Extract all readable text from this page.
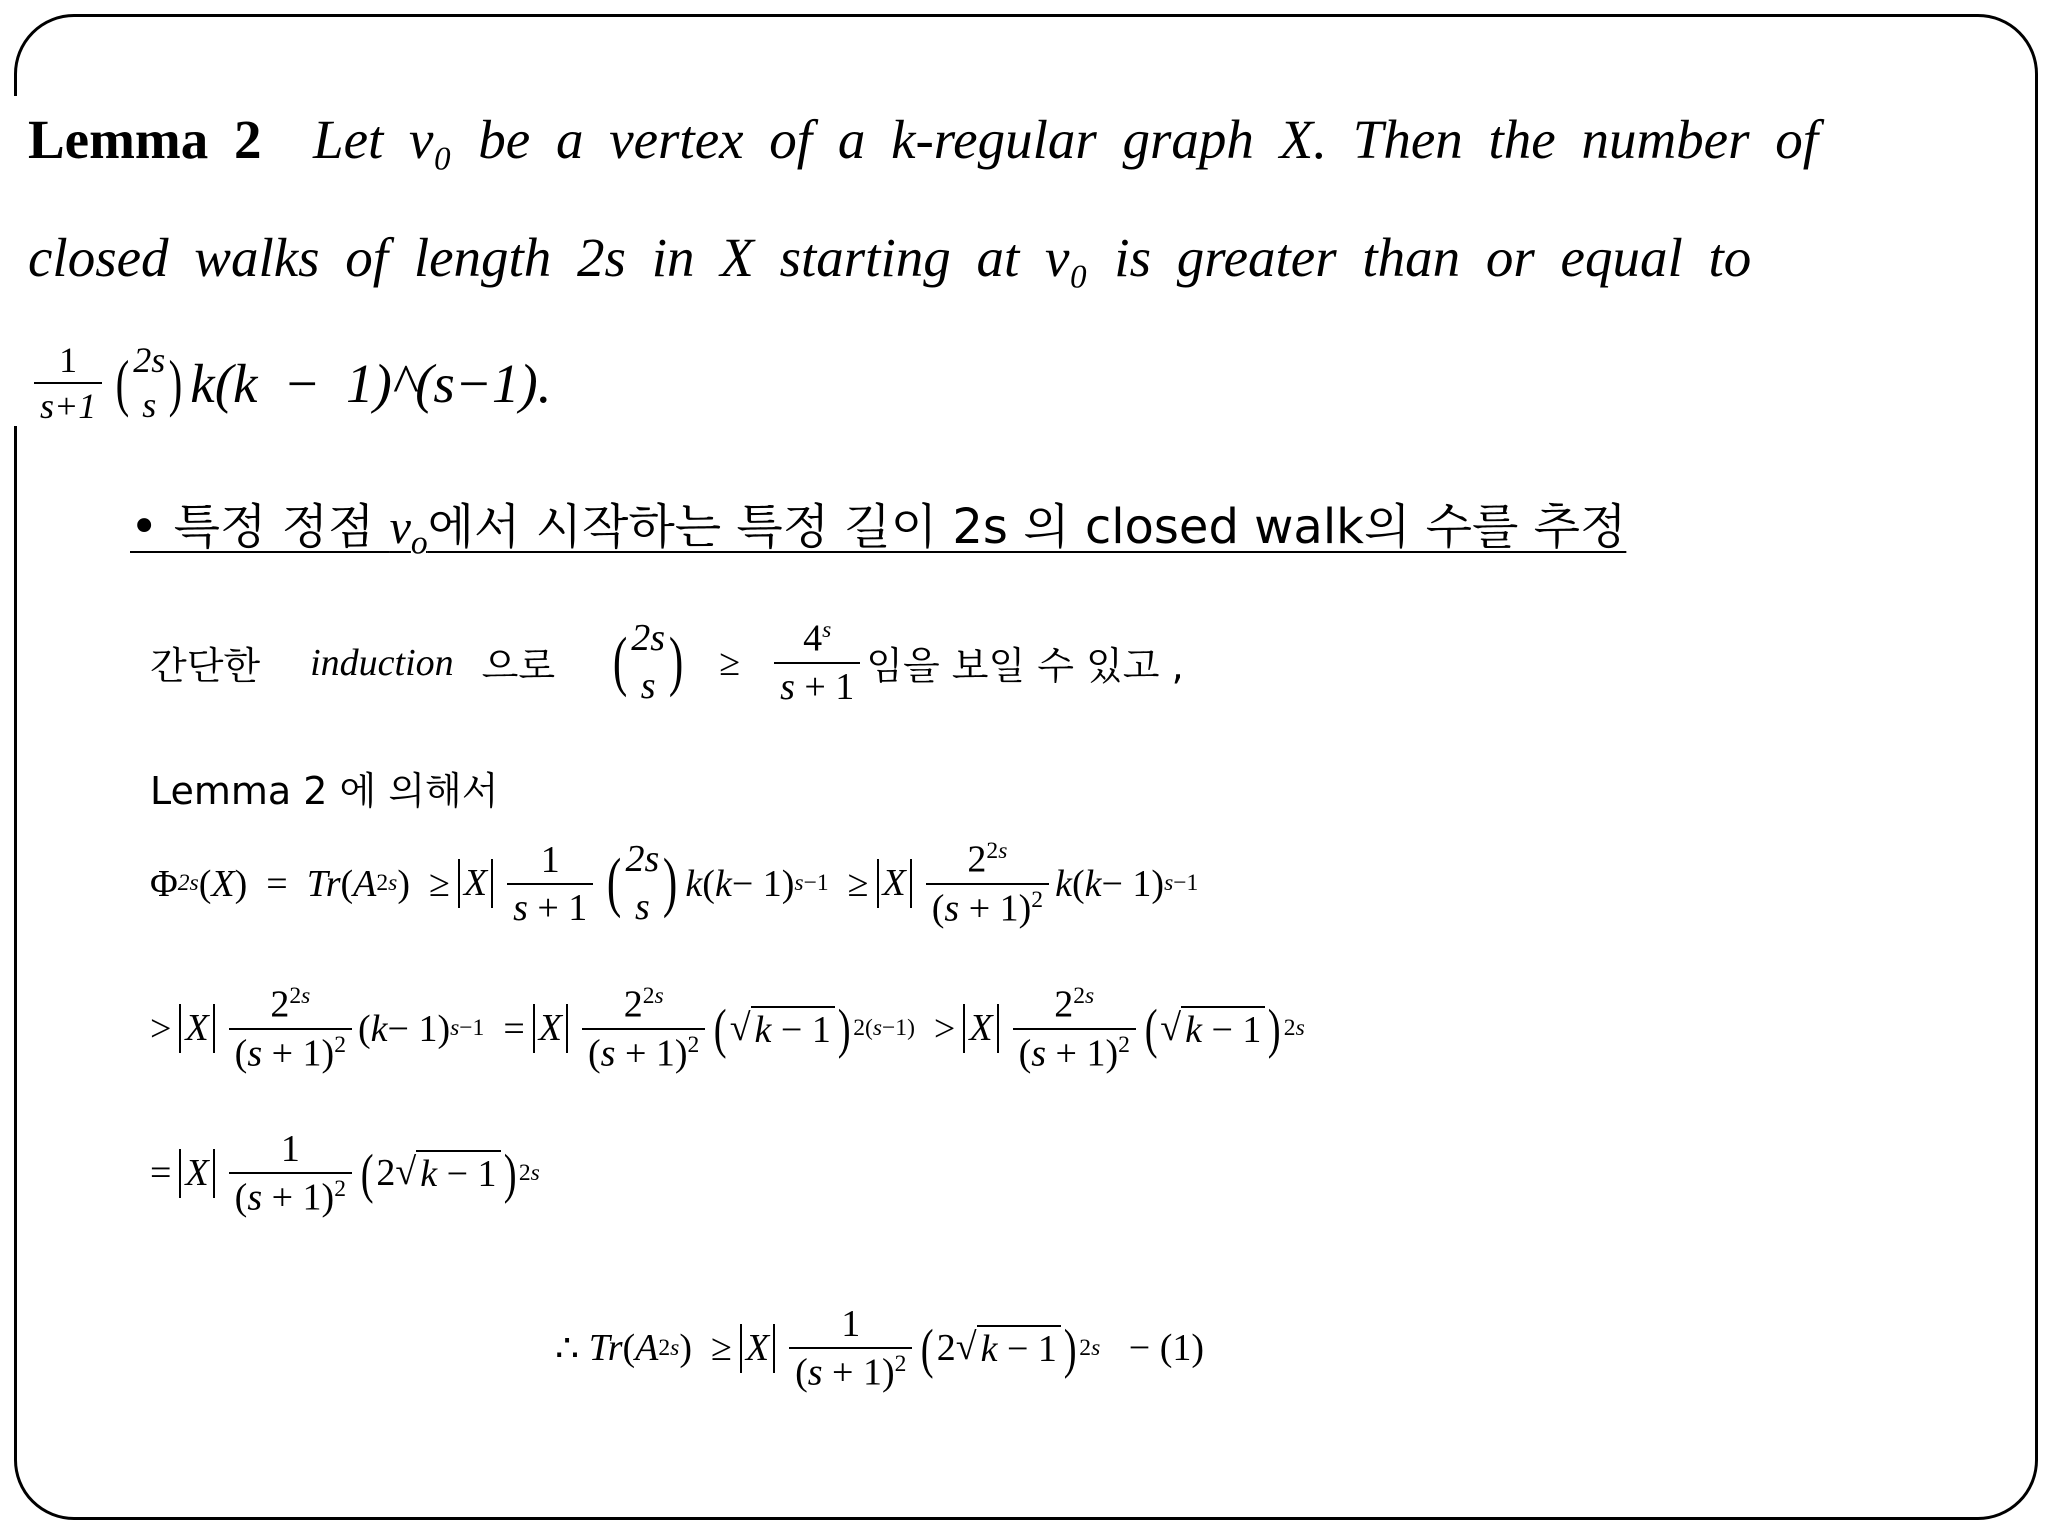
Lemma 2 Let v₀ be a vertex of a k-regular graph X. Then the number of
closed walks of length 2s in X starting at v₀ is greater than or equal to
$\frac{1}{s+1}$ ( 2s
s ) k(k − 1)^(s−1).
• 특정 정점 $v_o$에서 시작하는 특정 길이 2s 의 closed walk의 수를 추정
간단한 induction 으로 ( 2s
s ) ≥ $\frac{4^s}{s + 1}$ 임을 보일 수 있고 ,
Lemma 2 에 의해서
Φ 2s ( X )  = Tr ( A 2s )  ≥ X $\frac{1}{s + 1}$ ( 2s
s ) k ( k − 1) s−1 ≥ X $\frac{2^{2s}}{(s + 1)^2}$ k ( k − 1) s−1
> X $\frac{2^{2s}}{(s + 1)^2}$ ( k − 1) s−1 = X $\frac{2^{2s}}{(s + 1)^2}$ ( √ k − 1 ) 2(s−1) > X $\frac{2^{2s}}{(s + 1)^2}$ ( √ k − 1 ) 2s
= X $\frac{1}{(s + 1)^2}$ ( 2 √ k − 1 ) 2s
∴
Tr ( A 2s )  ≥ X $\frac{1}{(s + 1)^2}$ ( 2 √ k − 1 ) 2s − (1)
